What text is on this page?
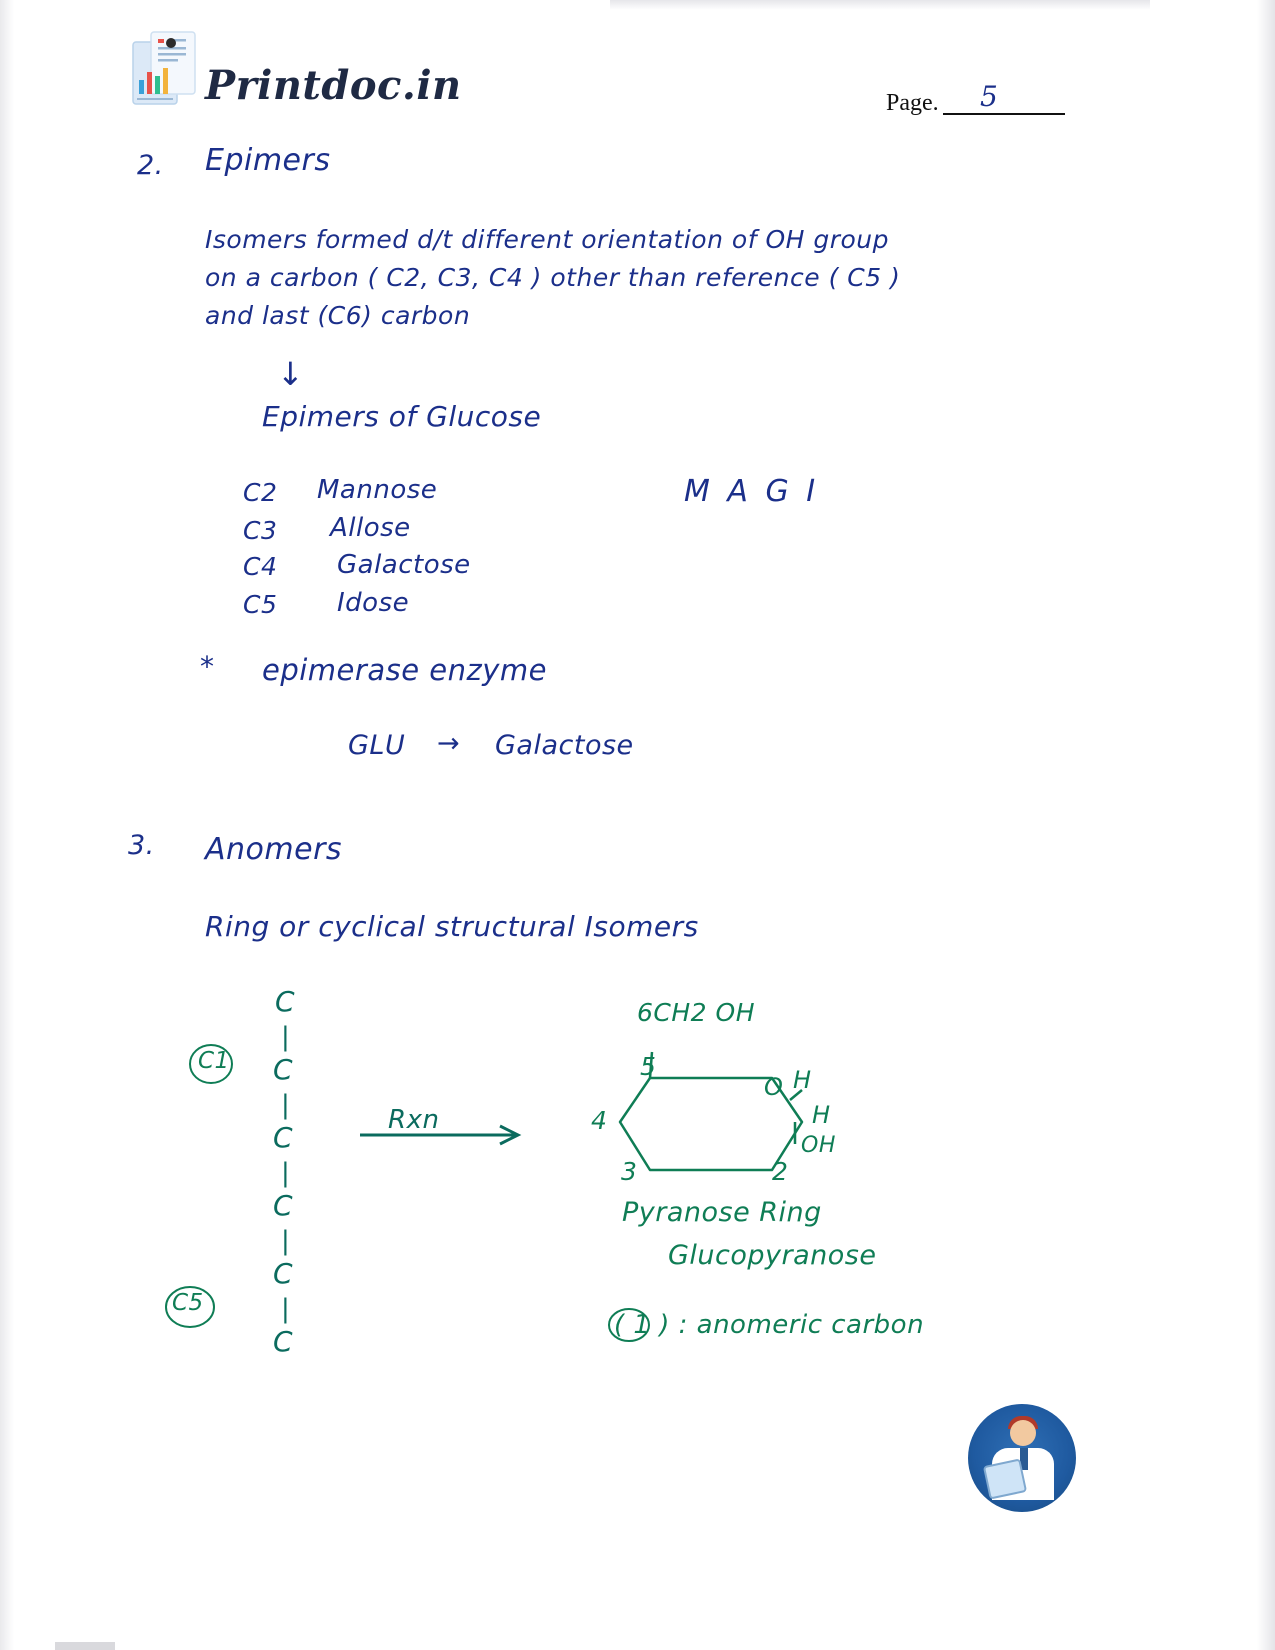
Printdoc.in	Page. 5
2. Epimers
Isomers formed d/t different orientation of OH group
on a carbon ( C2, C3, C4 ) other than reference ( C5 )
and last (C6) carbon
↓
Epimers of Glucose
C2 Mannose
C3 Allose
C4 Galactose
C5 Idose
M A G I
* epimerase enzyme
GLU → Galactose
3. Anomers
Ring or cyclical structural Isomers
C
|
C
|
C
|
C
|
C
|
C
C1
C5
Rxn
6CH2 OH
5
4
3	2
O H
H
OH
Pyranose Ring
Glucopyranose
( 1 ) : anomeric carbon
